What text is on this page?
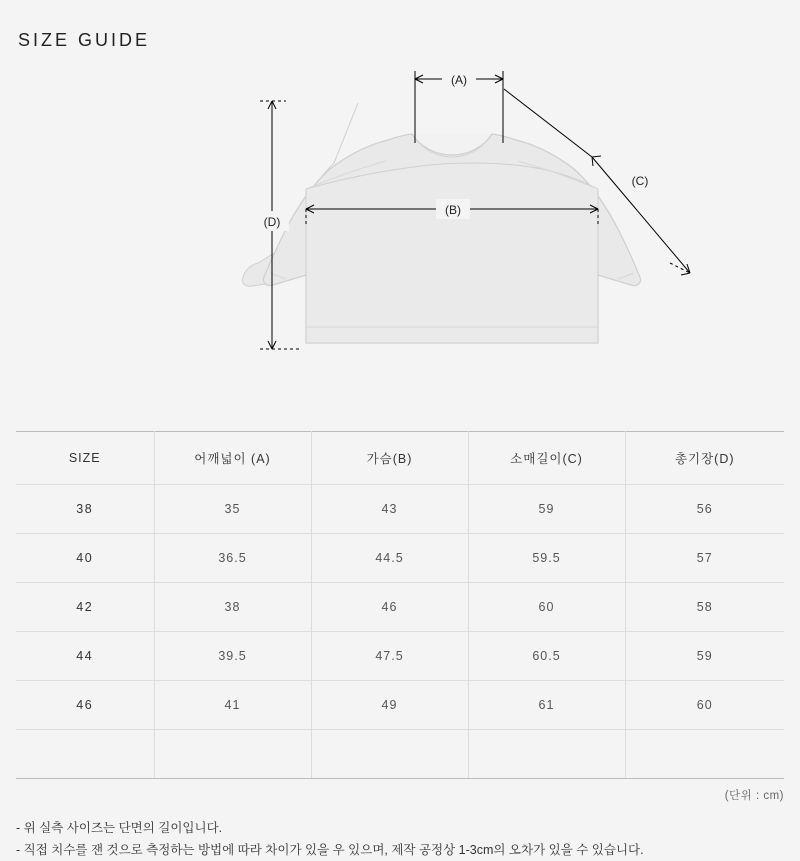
SIZE GUIDE
(A)
(B)
(C)
(D)
SIZE	어깨넓이 (A)	가슴(B)	소매길이(C)	총기장(D)
38	35	43	59	56
40	36.5	44.5	59.5	57
42	38	46	60	58
44	39.5	47.5	60.5	59
46	41	49	61	60

(단위 : cm)
- 위 실측 사이즈는 단면의 길이입니다.
- 직접 치수를 잰 것으로 측정하는 방법에 따라 차이가 있을 우 있으며, 제작 공정상 1-3cm의 오차가 있을 수 있습니다.
